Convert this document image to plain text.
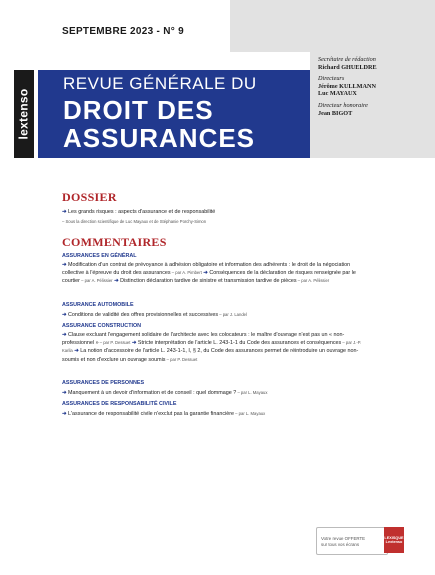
SEPTEMBRE 2023 - N° 9
lextenso
REVUE GÉNÉRALE DU
DROIT DES
ASSURANCES
Secrétaire de rédaction
Richard GHUELDRE
Directeurs
Jérôme KULLMANN
Luc MAYAUX
Directeur honoraire
Jean BIGOT
DOSSIER
➜ Les grands risques : aspects d'assurance et de responsabilité
– Sous la direction scientifique de Luc Mayaux et de Stéphanie Porchy-Simon
COMMENTAIRES
ASSURANCES EN GÉNÉRAL
➜ Modification d'un contrat de prévoyance à adhésion obligatoire et information des adhérents : le droit de la négociation collective à l'épreuve du droit des assurances – par A. Pimbert ➜ Conséquences de la déclaration de risques renseignée par le courtier – par A. Pélissier ➜ Distinction déclaration tardive de sinistre et transmission tardive de pièces – par A. Pélissier
ASSURANCE AUTOMOBILE
➜ Conditions de validité des offres provisionnelles et successives – par J. Landel
ASSURANCE CONSTRUCTION
➜ Clause excluant l'engagement solidaire de l'architecte avec les colocateurs : le maître d'ouvrage n'est pas un « non-professionnel » – par P. Dessuet ➜ Stricte interprétation de l'article L. 243-1-1 du Code des assurances et conséquences – par J.-P. Karila ➜ La notion d'accessoire de l'article L. 243-1-1, I, § 2, du Code des assurances permet de réintroduire un ouvrage non-soumis et non d'exclure un ouvrage soumis – par P. Dessuet
ASSURANCES DE PERSONNES
➜ Manquement à un devoir d'information et de conseil : quel dommage ? – par L. Mayaux
ASSURANCES DE RESPONSABILITÉ CIVILE
➜ L'assurance de responsabilité civile n'exclut pas la garantie financière – par L. Mayaux
Votre revue OFFERTE
sur tous vos écrans
LEXISQUE Lextenso
